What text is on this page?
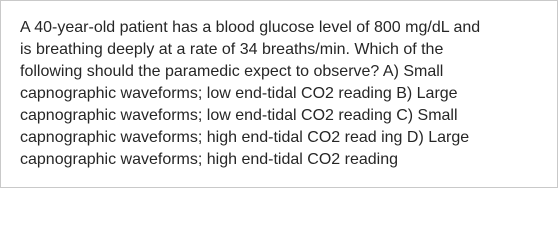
A 40-year-old patient has a blood glucose level of 800 mg/dL and
is breathing deeply at a rate of 34 breaths/min. Which of the
following should the paramedic expect to observe? A) Small
capnographic waveforms; low end-tidal CO2 reading B) Large
capnographic waveforms; low end-tidal CO2 reading C) Small
capnographic waveforms; high end-tidal CO2 read ing D) Large
capnographic waveforms; high end-tidal CO2 reading
